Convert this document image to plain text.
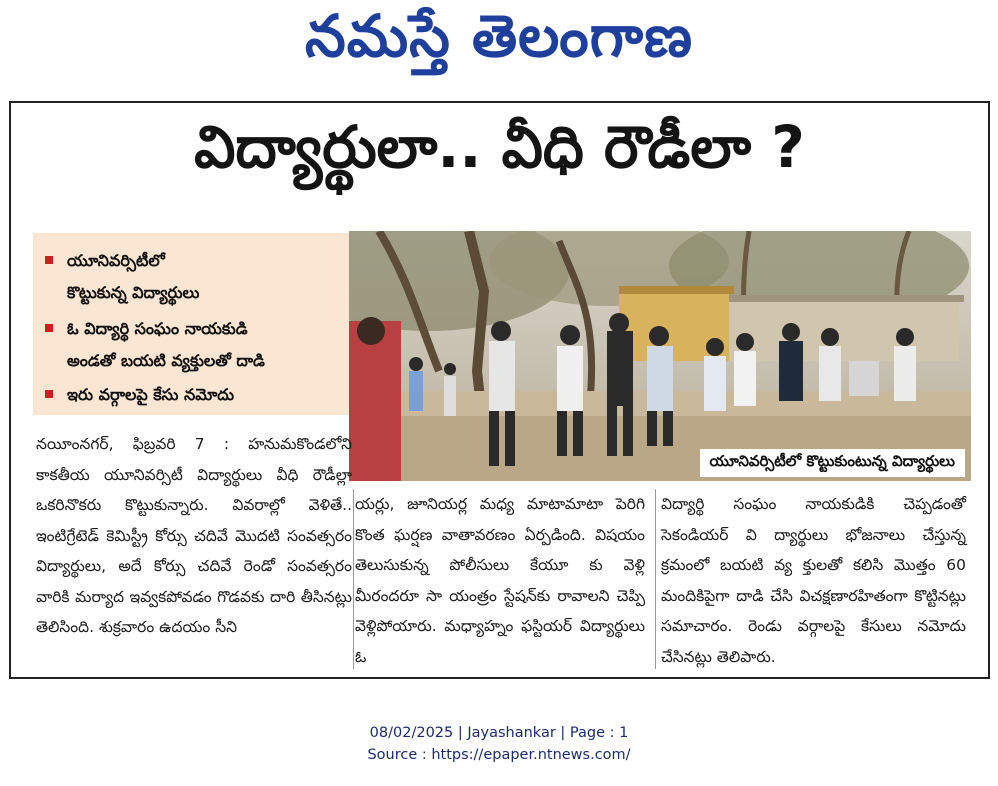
నమస్తే తెలంగాణ
విద్యార్థులా.. వీధి రౌడీలా ?
యూనివర్సిటీలో
కొట్టుకున్న విద్యార్థులు
ఓ విద్యార్థి సంఘం నాయకుడి
అండతో బయటి వ్యక్తులతో దాడి
ఇరు వర్గాలపై కేసు నమోదు
యూనివర్సిటీలో కొట్టుకుంటున్న విద్యార్థులు

నయీంనగర్, ఫిబ్రవరి 7 : హనుమకొండలోని కాకతీయ యూనివర్సిటీ విద్యార్థులు వీధి రౌడీల్లా ఒకరినొకరు కొట్టుకున్నారు. వివరాల్లో వెళితే.. ఇంటిగ్రేటెడ్ కెమిస్ట్రీ కోర్సు చదివే మొదటి సంవత్సరం విద్యార్థులు, అదే కోర్సు చదివే రెండో సంవత్సరం వారికి మర్యాద ఇవ్వకపోవడం గొడవకు దారి తీసినట్లు తెలిసింది. శుక్రవారం ఉదయం సీని

యర్లు, జూనియర్ల మధ్య మాటామాటా పెరిగి కొంత ఘర్షణ వాతావరణం ఏర్పడింది. విషయం తెలుసుకున్న పోలీసులు కేయూ కు వెళ్లి మీరందరూ సా యంత్రం స్టేషన్‌కు రావాలని చెప్పి వెళ్లిపోయారు. మధ్యాహ్నం ఫస్టియర్ విద్యార్థులు ఓ

విద్యార్థి సంఘం నాయకుడికి చెప్పడంతో సెకండియర్ వి ద్యార్థులు భోజనాలు చేస్తున్న క్రమంలో బయటి వ్య క్తులతో కలిసి మొత్తం 60 మందికిపైగా దాడి చేసి విచక్షణారహితంగా కొట్టినట్లు సమాచారం. రెండు వర్గాలపై కేసులు నమోదు చేసినట్లు తెలిపారు.

08/02/2025 | Jayashankar | Page : 1
Source : https://epaper.ntnews.com/
